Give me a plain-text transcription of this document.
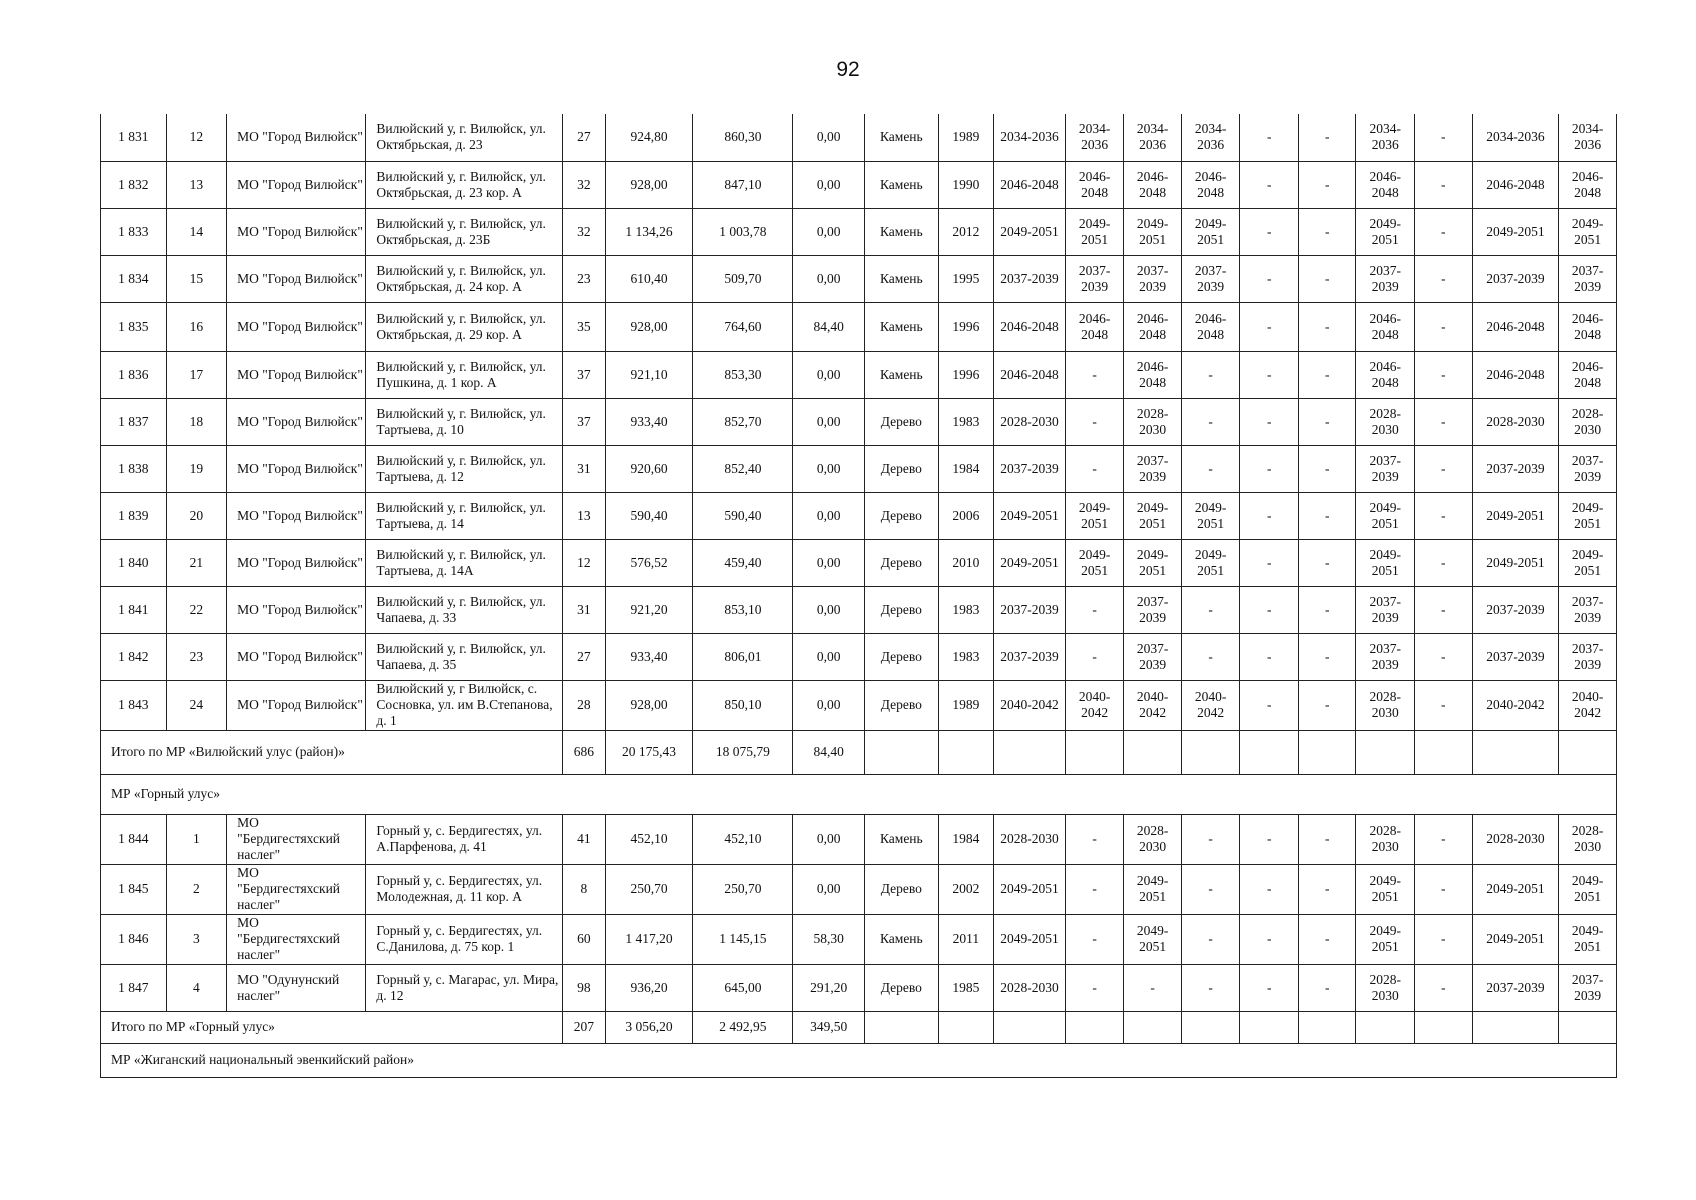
92
1 831	12	МО "Город Вилюйск"	Вилюйский у, г. Вилюйск, ул. Октябрьская, д. 23	27	924,80	860,30	0,00	Камень	1989	2034-2036	2034-2036	2034-2036	2034-2036	-	-	2034-2036	-	2034-2036	2034-2036
1 832	13	МО "Город Вилюйск"	Вилюйский у, г. Вилюйск, ул. Октябрьская, д. 23 кор. А	32	928,00	847,10	0,00	Камень	1990	2046-2048	2046-2048	2046-2048	2046-2048	-	-	2046-2048	-	2046-2048	2046-2048
1 833	14	МО "Город Вилюйск"	Вилюйский у, г. Вилюйск, ул. Октябрьская, д. 23Б	32	1 134,26	1 003,78	0,00	Камень	2012	2049-2051	2049-2051	2049-2051	2049-2051	-	-	2049-2051	-	2049-2051	2049-2051
1 834	15	МО "Город Вилюйск"	Вилюйский у, г. Вилюйск, ул. Октябрьская, д. 24 кор. А	23	610,40	509,70	0,00	Камень	1995	2037-2039	2037-2039	2037-2039	2037-2039	-	-	2037-2039	-	2037-2039	2037-2039
1 835	16	МО "Город Вилюйск"	Вилюйский у, г. Вилюйск, ул. Октябрьская, д. 29 кор. А	35	928,00	764,60	84,40	Камень	1996	2046-2048	2046-2048	2046-2048	2046-2048	-	-	2046-2048	-	2046-2048	2046-2048
1 836	17	МО "Город Вилюйск"	Вилюйский у, г. Вилюйск, ул. Пушкина, д. 1 кор. А	37	921,10	853,30	0,00	Камень	1996	2046-2048	-	2046-2048	-	-	-	2046-2048	-	2046-2048	2046-2048
1 837	18	МО "Город Вилюйск"	Вилюйский у, г. Вилюйск, ул. Тартыева, д. 10	37	933,40	852,70	0,00	Дерево	1983	2028-2030	-	2028-2030	-	-	-	2028-2030	-	2028-2030	2028-2030
1 838	19	МО "Город Вилюйск"	Вилюйский у, г. Вилюйск, ул. Тартыева, д. 12	31	920,60	852,40	0,00	Дерево	1984	2037-2039	-	2037-2039	-	-	-	2037-2039	-	2037-2039	2037-2039
1 839	20	МО "Город Вилюйск"	Вилюйский у, г. Вилюйск, ул. Тартыева, д. 14	13	590,40	590,40	0,00	Дерево	2006	2049-2051	2049-2051	2049-2051	2049-2051	-	-	2049-2051	-	2049-2051	2049-2051
1 840	21	МО "Город Вилюйск"	Вилюйский у, г. Вилюйск, ул. Тартыева, д. 14А	12	576,52	459,40	0,00	Дерево	2010	2049-2051	2049-2051	2049-2051	2049-2051	-	-	2049-2051	-	2049-2051	2049-2051
1 841	22	МО "Город Вилюйск"	Вилюйский у, г. Вилюйск, ул. Чапаева, д. 33	31	921,20	853,10	0,00	Дерево	1983	2037-2039	-	2037-2039	-	-	-	2037-2039	-	2037-2039	2037-2039
1 842	23	МО "Город Вилюйск"	Вилюйский у, г. Вилюйск, ул. Чапаева, д. 35	27	933,40	806,01	0,00	Дерево	1983	2037-2039	-	2037-2039	-	-	-	2037-2039	-	2037-2039	2037-2039
1 843	24	МО "Город Вилюйск"	Вилюйский у, г Вилюйск, с. Сосновка, ул. им В.Степанова, д. 1	28	928,00	850,10	0,00	Дерево	1989	2040-2042	2040-2042	2040-2042	2040-2042	-	-	2028-2030	-	2040-2042	2040-2042
Итого по МР «Вилюйский улус (район)»				686	20 175,43	18 075,79	84,40												
МР «Горный улус»																			
1 844	1	МО "Бердигестяхский наслег"	Горный у, с. Бердигестях, ул. А.Парфенова, д. 41	41	452,10	452,10	0,00	Камень	1984	2028-2030	-	2028-2030	-	-	-	2028-2030	-	2028-2030	2028-2030
1 845	2	МО "Бердигестяхский наслег"	Горный у, с. Бердигестях, ул. Молодежная, д. 11 кор. А	8	250,70	250,70	0,00	Дерево	2002	2049-2051	-	2049-2051	-	-	-	2049-2051	-	2049-2051	2049-2051
1 846	3	МО "Бердигестяхский наслег"	Горный у, с. Бердигестях, ул. С.Данилова, д. 75 кор. 1	60	1 417,20	1 145,15	58,30	Камень	2011	2049-2051	-	2049-2051	-	-	-	2049-2051	-	2049-2051	2049-2051
1 847	4	МО "Одунунский наслег"	Горный у, с. Магарас, ул. Мира, д. 12	98	936,20	645,00	291,20	Дерево	1985	2028-2030	-	-	-	-	-	2028-2030	-	2037-2039	2037-2039
Итого по МР «Горный улус»				207	3 056,20	2 492,95	349,50												
МР «Жиганский национальный эвенкийский район»																			
